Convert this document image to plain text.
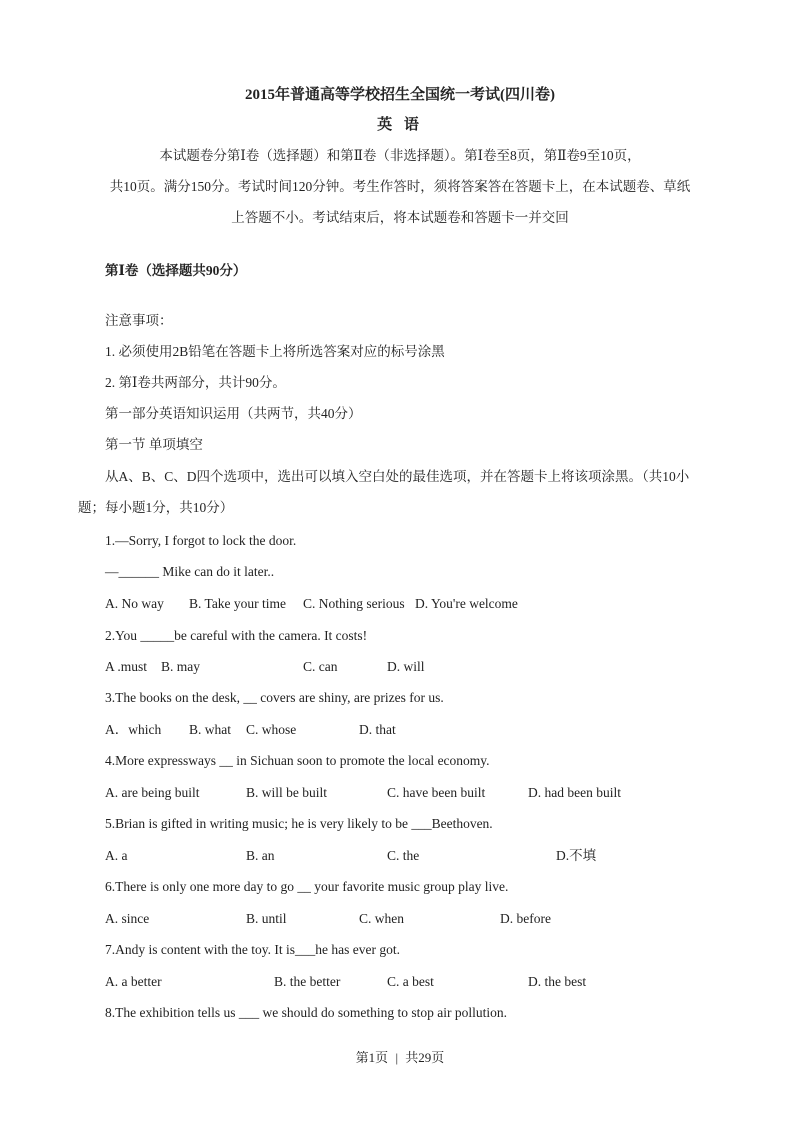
2015年普通高等学校招生全国统一考试(四川卷)
英 语
本试题卷分第Ⅰ卷（选择题）和第Ⅱ卷（非选择题）。第Ⅰ卷至8页，第Ⅱ卷9至10页，
共10页。满分150分。考试时间120分钟。考生作答时，须将答案答在答题卡上，在本试题卷、草纸
上答题不小。考试结束后，将本试题卷和答题卡一并交回
第Ⅰ卷（选择题共90分）
注意事项：
1. 必须使用2B铅笔在答题卡上将所选答案对应的标号涂黑
2. 第Ⅰ卷共两部分，共计90分。
第一部分英语知识运用（共两节，共40分）
第一节 单项填空
从A、B、C、D四个选项中，选出可以填入空白处的最佳选项，并在答题卡上将该项涂黑。（共10小
题；每小题1分，共10分）
1.—Sorry, I forgot to lock the door.
—______ Mike can do it later..
A. No way B. Take your time C. Nothing serious D. You're welcome
2.You _____be careful with the camera. It costs!
A .must B. may	C. can	D. will
3.The books on the desk, __ covers are shiny, are prizes for us.
A．which B. what C. whose	D. that
4.More expressways __ in Sichuan soon to promote the local economy.
A. are being built	B. will be built	C. have been built	D. had been built
5.Brian is gifted in writing music; he is very likely to be ___Beethoven.
A. a	B. an	C. the	D.不填
6.There is only one more day to go __ your favorite music group play live.
A. since	B. until	C. when	D. before
7.Andy is content with the toy. It is___he has ever got.
A. a better	B. the better	C. a best	D. the best
8.The exhibition tells us ___ we should do something to stop air pollution.
第1页 | 共29页
